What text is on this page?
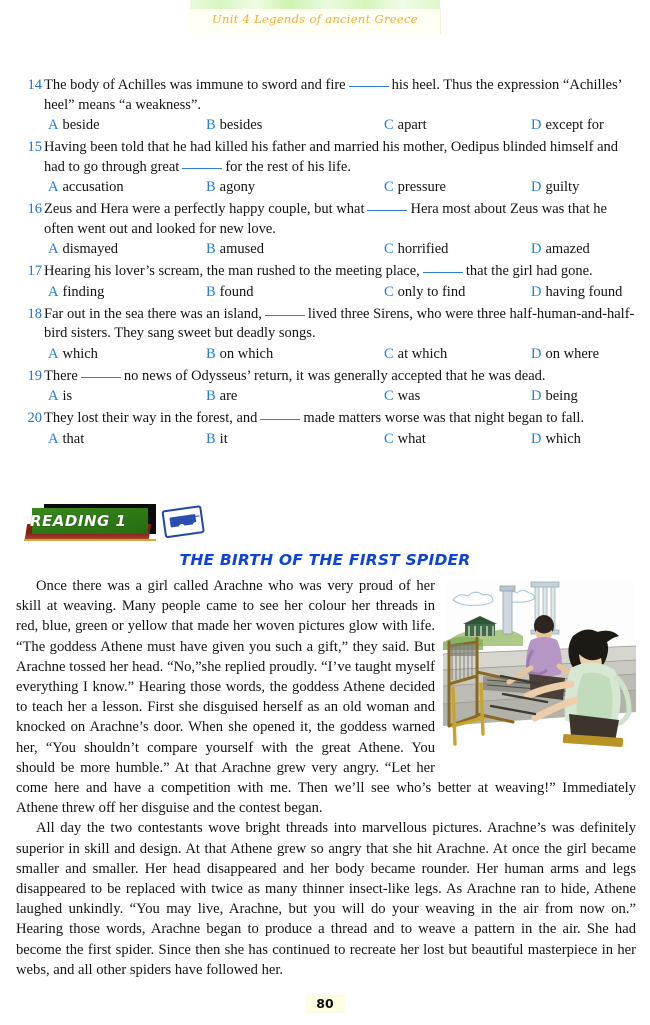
Unit 4 Legends of ancient Greece
14 The body of Achilles was immune to sword and fire	his heel. Thus the expression “Achilles’ heel” means “a weakness”.

A beside	B besides	C apart	D except for
15 Having been told that he had killed his father and married his mother, Oedipus blinded himself and had to go through great	for the rest of his life.

A accusation	B agony	C pressure	D guilty
16 Zeus and Hera were a perfectly happy couple, but what	Hera most about Zeus was that he often went out and looked for new love.

A dismayed	B amused	C horrified	D amazed
17 Hearing his lover’s scream, the man rushed to the meeting place,	that the girl had gone.

A finding	B found	C only to find	D having found
18 Far out in the sea there was an island,	lived three Sirens, who were three half-human-and-half-bird sisters. They sang sweet but deadly songs.

A which	B on which	C at which	D on where
19 There	no news of Odysseus’ return, it was generally accepted that he was dead.

A is	B are	C was	D being
20 They lost their way in the forest, and	made matters worse was that night began to fall.

A that	B it	C what	D which
READING 1
THE BIRTH OF THE FIRST SPIDER

Once there was a girl called Arachne who was very proud of her skill at weaving. Many people came to see her colour her threads in red, blue, green or yellow that made her woven pictures glow with life. “The goddess Athene must have given you such a gift,” they said. But Arachne tossed her head. “No,”she replied proudly. “I’ve taught myself everything I know.” Hearing those words, the goddess Athene decided to teach her a lesson. First she disguised herself as an old woman and knocked on Arachne’s door. When she opened it, the goddess warned her, “You shouldn’t compare yourself with the great Athene. You should be more humble.” At that Arachne grew very angry. “Let her come here and have a competition with me. Then we’ll see who’s better at weaving!” Immediately Athene threw off her disguise and the contest began.

All day the two contestants wove bright threads into marvellous pictures. Arachne’s was definitely superior in skill and design. At that Athene grew so angry that she hit Arachne. At once the girl became smaller and smaller. Her head disappeared and her body became rounder. Her human arms and legs disappeared to be replaced with twice as many thinner insect-like legs. As Arachne ran to hide, Athene laughed unkindly. “You may live, Arachne, but you will do your weaving in the air from now on.” Hearing those words, Arachne began to produce a thread and to weave a pattern in the air. She had become the first spider. Since then she has continued to recreate her lost but beautiful masterpiece in her webs, and all other spiders have followed her.

80
